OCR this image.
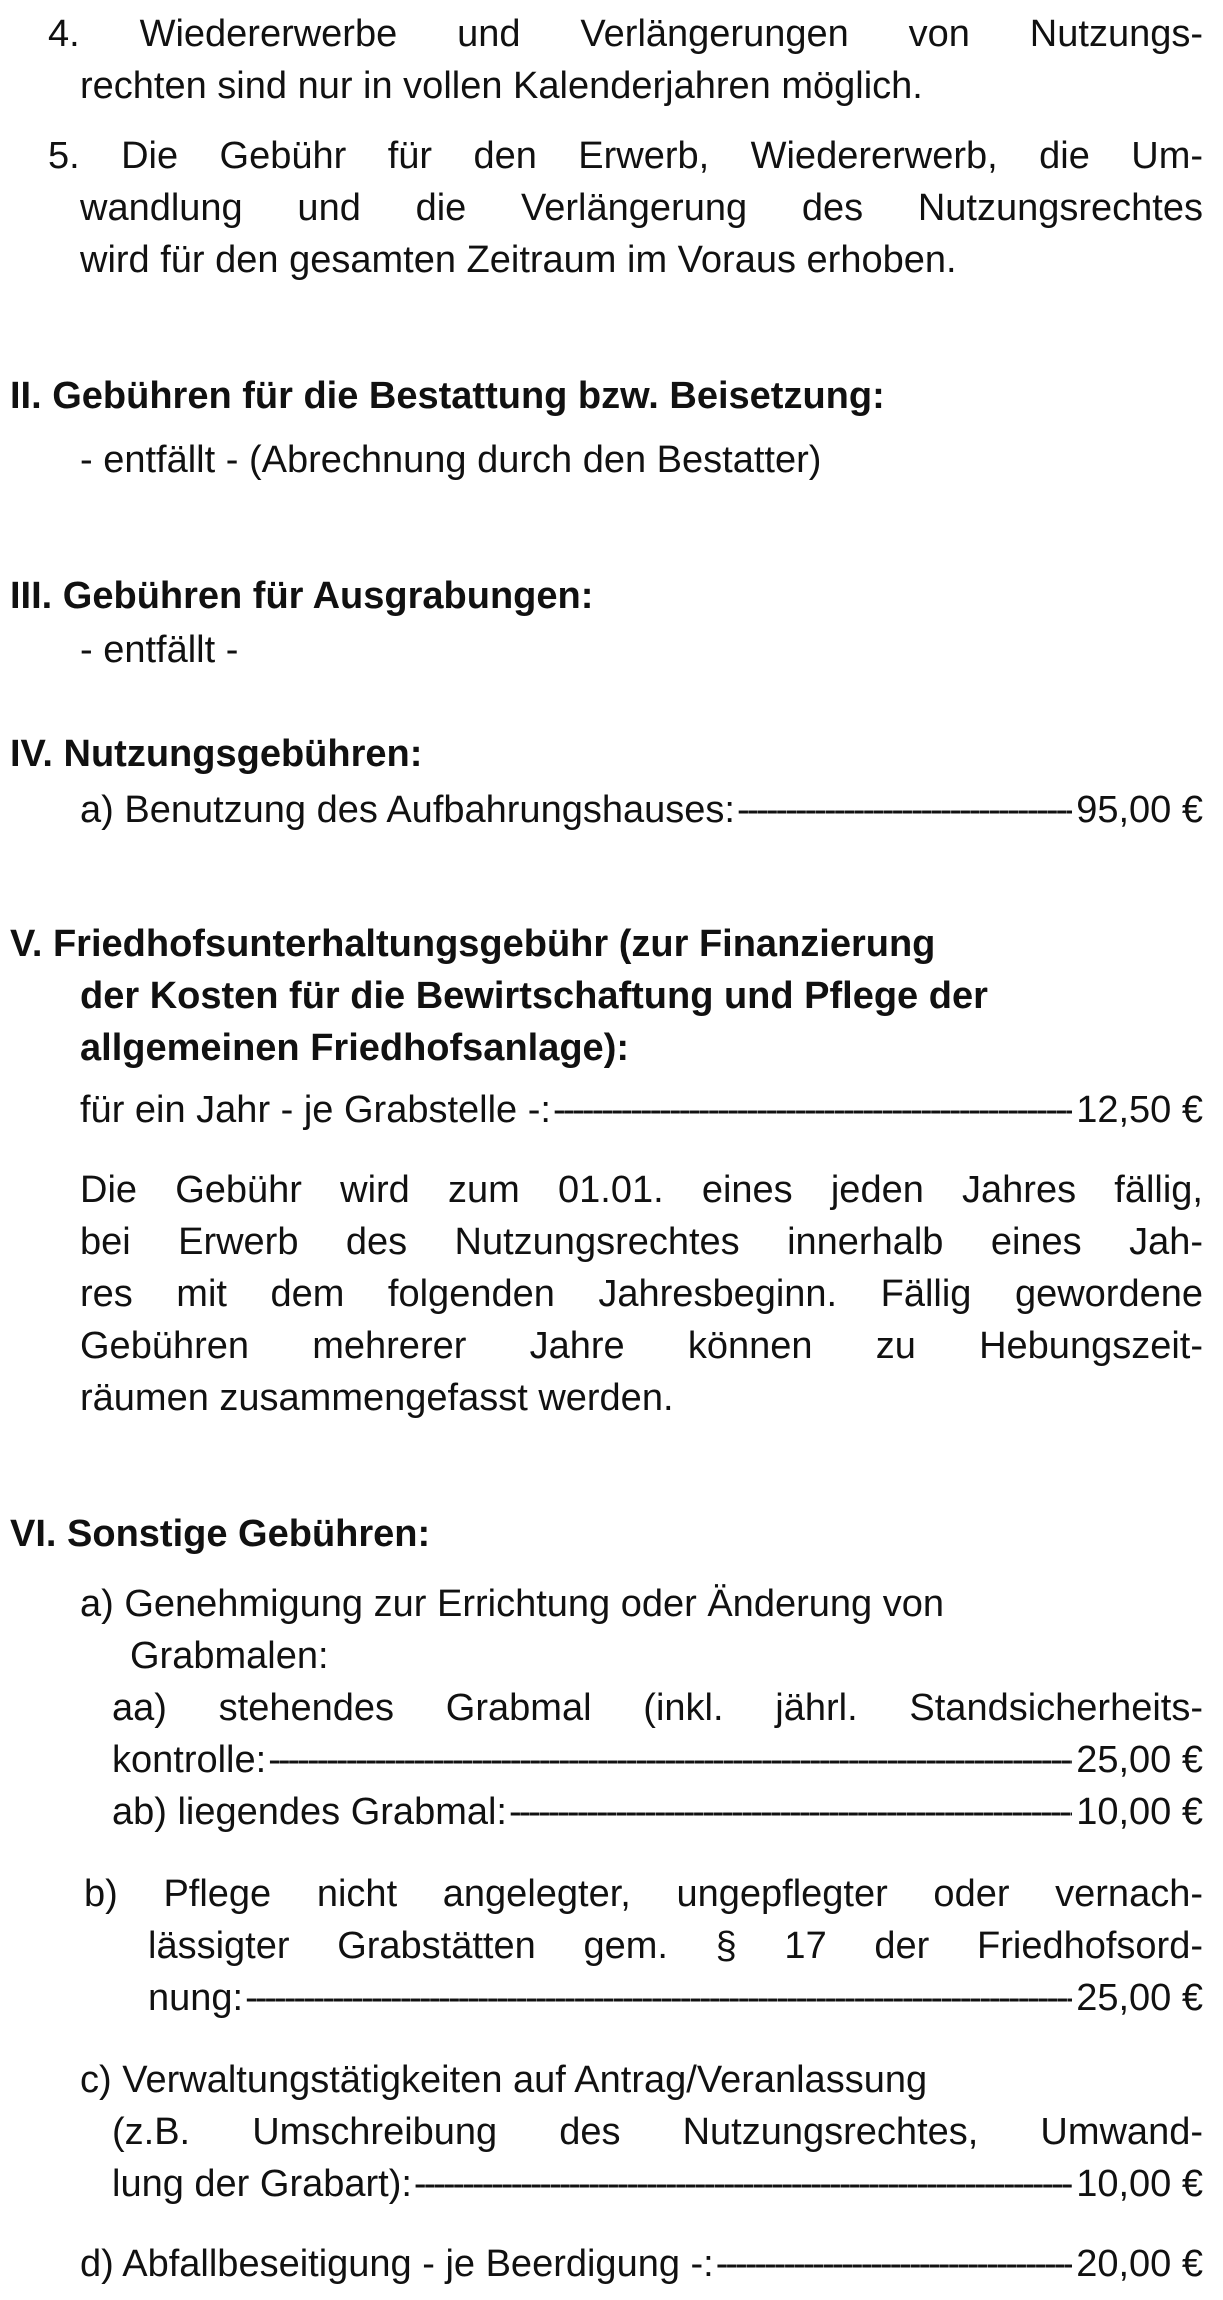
4. Wiedererwerbe und Verlängerungen von Nutzungs-
rechten sind nur in vollen Kalenderjahren möglich.
5. Die Gebühr für den Erwerb, Wiedererwerb, die Um-
wandlung und die Verlängerung des Nutzungsrechtes
wird für den gesamten Zeitraum im Voraus erhoben.
II. Gebühren für die Bestattung bzw. Beisetzung:
- entfällt - (Abrechnung durch den Bestatter)
III. Gebühren für Ausgrabungen:
- entfällt -
IV. Nutzungsgebühren:
a) Benutzung des Aufbahrungshauses: -----	95,00 €
V. Friedhofsunterhaltungsgebühr (zur Finanzierung
der Kosten für die Bewirtschaftung und Pflege der
allgemeinen Friedhofsanlage):
für ein Jahr - je Grabstelle -: -----	12,50 €
Die Gebühr wird zum 01.01. eines jeden Jahres fällig,
bei Erwerb des Nutzungsrechtes innerhalb eines Jah-
res mit dem folgenden Jahresbeginn. Fällig gewordene
Gebühren mehrerer Jahre können zu Hebungszeit-
räumen zusammengefasst werden.
VI. Sonstige Gebühren:
a) Genehmigung zur Errichtung oder Änderung von
Grabmalen:
aa) stehendes Grabmal (inkl. jährl. Standsicherheits-
kontrolle: -----	25,00 €
ab) liegendes Grabmal: -----	10,00 €
b) Pflege nicht angelegter, ungepflegter oder vernach-
lässigter Grabstätten gem. § 17 der Friedhofsord-
nung: -----	25,00 €
c) Verwaltungstätigkeiten auf Antrag/Veranlassung
(z.B. Umschreibung des Nutzungsrechtes, Umwand-
lung der Grabart): -----	10,00 €
d) Abfallbeseitigung - je Beerdigung -: -----	20,00 €
